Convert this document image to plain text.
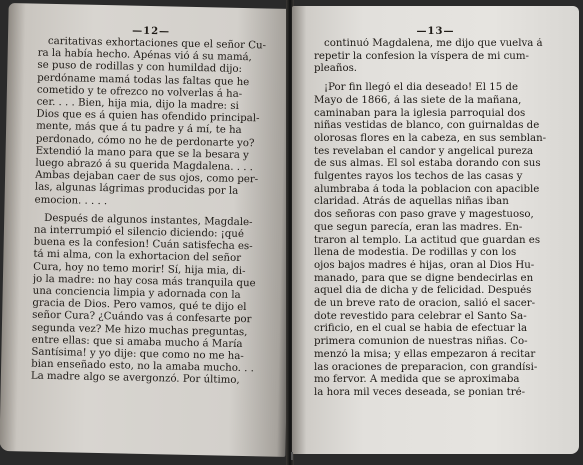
—12—
caritativas exhortaciones que el señor Cu-
ra la había hecho. Apénas vió á su mamá,
se puso de rodillas y con humildad dijo:
perdóname mamá todas las faltas que he
cometido y te ofrezco no volverlas á ha-
cer. . . . Bien, hija mia, dijo la madre: si
Dios que es á quien has ofendido principal-
mente, más que á tu padre y á mí, te ha
perdonado, cómo no he de perdonarte yo?
Extendió la mano para que se la besara y
luego abrazó á su querida Magdalena. . . .
Ambas dejaban caer de sus ojos, como per-
las, algunas lágrimas producidas por la
emocion. . . . .
Después de algunos instantes, Magdale-
na interrumpió el silencio diciendo: ¡qué
buena es la confesion! Cuán satisfecha es-
tá mi alma, con la exhortacion del señor
Cura, hoy no temo morir! Sí, hija mia, di-
jo la madre: no hay cosa más tranquila que
una conciencia limpia y adornada con la
gracia de Dios. Pero vamos, qué te dijo el
señor Cura? ¿Cuándo vas á confesarte por
segunda vez? Me hizo muchas preguntas,
entre ellas: que si amaba mucho á María
Santísima! y yo dije: que como no me ha-
bian enseñado esto, no la amaba mucho. . .
La madre algo se avergonzó. Por último,
—13—
continuó Magdalena, me dijo que vuelva á
repetir la confesion la víspera de mi cum-
pleaños.
¡Por fin llegó el dia deseado! El 15 de
Mayo de 1866, á las siete de la mañana,
caminaban para la iglesia parroquial dos
niñas vestidas de blanco, con guirnaldas de
olorosas flores en la cabeza, en sus semblan-
tes revelaban el candor y angelical pureza
de sus almas. El sol estaba dorando con sus
fulgentes rayos los techos de las casas y
alumbraba á toda la poblacion con apacible
claridad. Atrás de aquellas niñas iban
dos señoras con paso grave y magestuoso,
que segun parecía, eran las madres. En-
traron al templo. La actitud que guardan es
llena de modestia. De rodillas y con los
ojos bajos madres é hijas, oran al Dios Hu-
manado, para que se digne bendecirlas en
aquel dia de dicha y de felicidad. Después
de un breve rato de oracion, salió el sacer-
dote revestido para celebrar el Santo Sa-
crificio, en el cual se habia de efectuar la
primera comunion de nuestras niñas. Co-
menzó la misa; y ellas empezaron á recitar
las oraciones de preparacion, con grandísi-
mo fervor. A medida que se aproximaba
la hora mil veces deseada, se ponian tré-
